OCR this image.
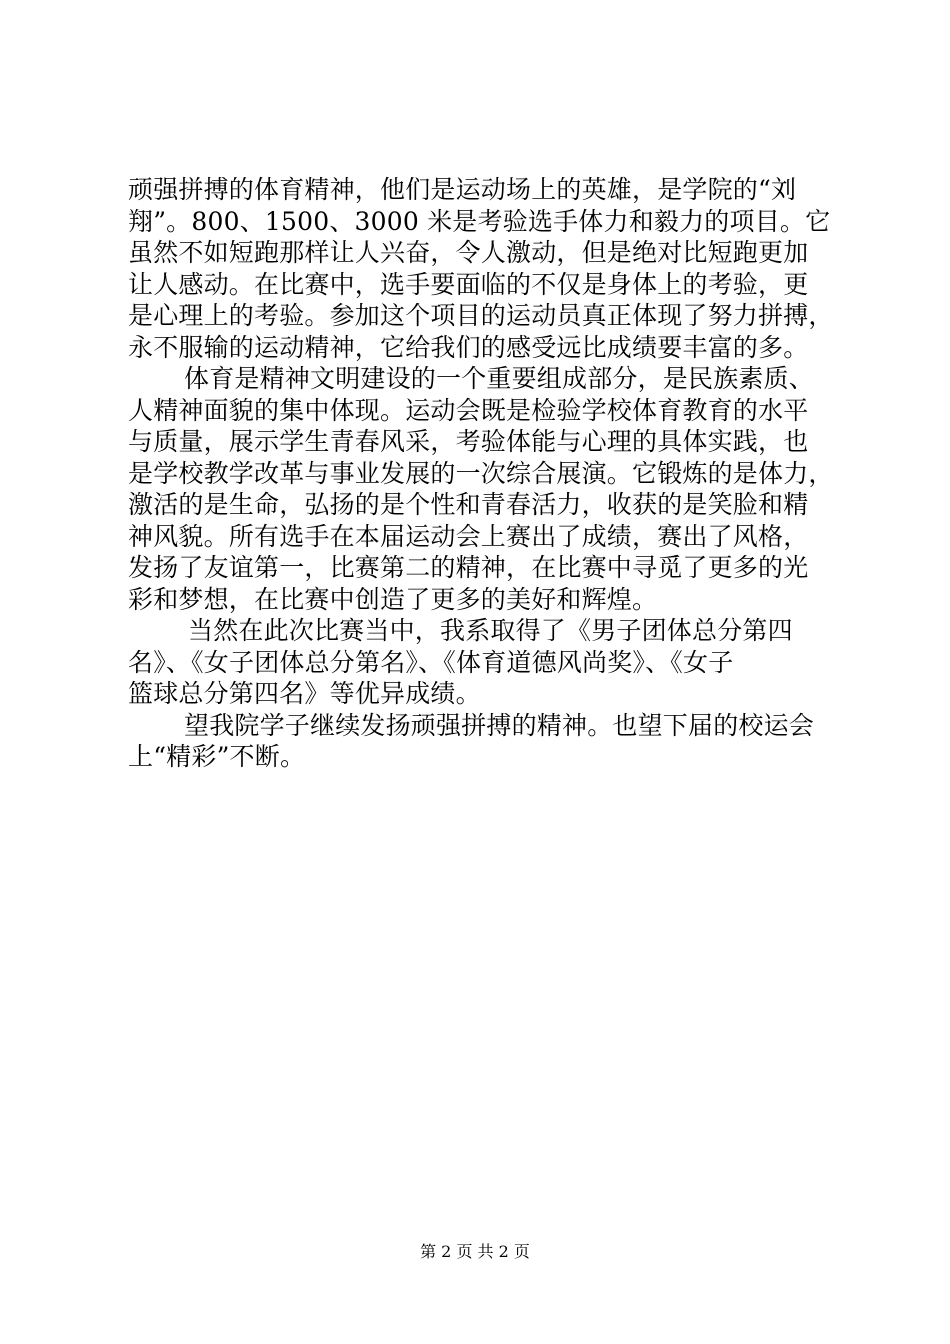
顽强拼搏的体育精神，他们是运动场上的英雄，是学院的“刘
翔”。800、1500、3000 米是考验选手体力和毅力的项目。它
虽然不如短跑那样让人兴奋，令人激动，但是绝对比短跑更加
让人感动。在比赛中，选手要面临的不仅是身体上的考验，更
是心理上的考验。参加这个项目的运动员真正体现了努力拼搏，
永不服输的运动精神，它给我们的感受远比成绩要丰富的多。
体育是精神文明建设的一个重要组成部分，是民族素质、
人精神面貌的集中体现。运动会既是检验学校体育教育的水平
与质量，展示学生青春风采，考验体能与心理的具体实践，也
是学校教学改革与事业发展的一次综合展演。它锻炼的是体力，
激活的是生命，弘扬的是个性和青春活力，收获的是笑脸和精
神风貌。所有选手在本届运动会上赛出了成绩，赛出了风格，
发扬了友谊第一，比赛第二的精神，在比赛中寻觅了更多的光
彩和梦想，在比赛中创造了更多的美好和辉煌。
当然在此次比赛当中，我系取得了《男子团体总分第四
名》、《女子团体总分第名》、《体育道德风尚奖》、《女子
篮球总分第四名》等优异成绩。
望我院学子继续发扬顽强拼搏的精神。也望下届的校运会
上“精彩”不断。
第 2 页 共 2 页
